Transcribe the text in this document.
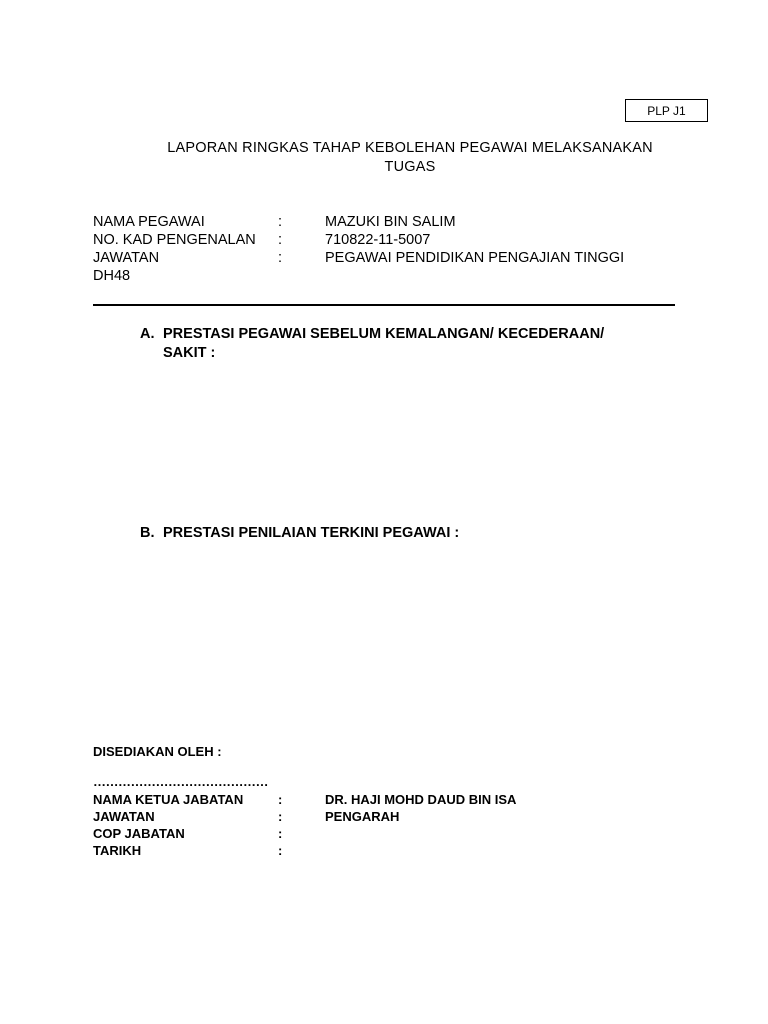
PLP J1
LAPORAN RINGKAS TAHAP KEBOLEHAN PEGAWAI MELAKSANAKAN
TUGAS
NAMA PEGAWAI	:	MAZUKI BIN SALIM
NO. KAD PENGENALAN :	710822-11-5007
JAWATAN	:	PEGAWAI PENDIDIKAN PENGAJIAN TINGGI
DH48
A. PRESTASI PEGAWAI SEBELUM KEMALANGAN/ KECEDERAAN/ SAKIT :
B. PRESTASI PENILAIAN TERKINI PEGAWAI :
DISEDIAKAN OLEH :
……………………………………
NAMA KETUA JABATAN	:	DR. HAJI MOHD DAUD BIN ISA
JAWATAN	:	PENGARAH
COP JABATAN	:
TARIKH	:
